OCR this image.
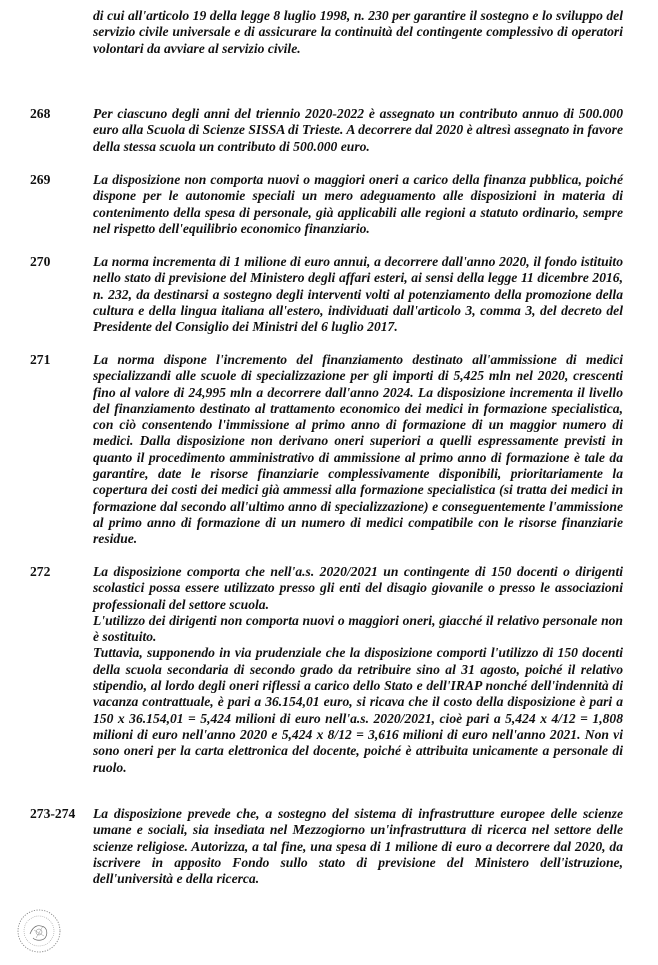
di cui all'articolo 19 della legge 8 luglio 1998, n. 230 per garantire il sostegno e lo sviluppo del servizio civile universale e di assicurare la continuità del contingente complessivo di operatori volontari da avviare al servizio civile.

268	Per ciascuno degli anni del triennio 2020-2022 è assegnato un contributo annuo di 500.000 euro alla Scuola di Scienze SISSA di Trieste. A decorrere dal 2020 è altresì assegnato in favore della stessa scuola un contributo di 500.000 euro.

269	La disposizione non comporta nuovi o maggiori oneri a carico della finanza pubblica, poiché dispone per le autonomie speciali un mero adeguamento alle disposizioni in materia di contenimento della spesa di personale, già applicabili alle regioni a statuto ordinario, sempre nel rispetto dell'equilibrio economico finanziario.

270	La norma incrementa di 1 milione di euro annui, a decorrere dall'anno 2020, il fondo istituito nello stato di previsione del Ministero degli affari esteri, ai sensi della legge 11 dicembre 2016, n. 232, da destinarsi a sostegno degli interventi volti al potenziamento della promozione della cultura e della lingua italiana all'estero, individuati dall'articolo 3, comma 3, del decreto del Presidente del Consiglio dei Ministri del 6 luglio 2017.

271	La norma dispone l'incremento del finanziamento destinato all'ammissione di medici specializzandi alle scuole di specializzazione per gli importi di 5,425 mln nel 2020, crescenti fino al valore di 24,995 mln a decorrere dall'anno 2024. La disposizione incrementa il livello del finanziamento destinato al trattamento economico dei medici in formazione specialistica, con ciò consentendo l'immissione al primo anno di formazione di un maggior numero di medici. Dalla disposizione non derivano oneri superiori a quelli espressamente previsti in quanto il procedimento amministrativo di ammissione al primo anno di formazione è tale da garantire, date le risorse finanziarie complessivamente disponibili, prioritariamente la copertura dei costi dei medici già ammessi alla formazione specialistica (si tratta dei medici in formazione dal secondo all'ultimo anno di specializzazione) e conseguentemente l'ammissione al primo anno di formazione di un numero di medici compatibile con le risorse finanziarie residue.

272	La disposizione comporta che nell'a.s. 2020/2021 un contingente di 150 docenti o dirigenti scolastici possa essere utilizzato presso gli enti del disagio giovanile o presso le associazioni professionali del settore scuola.

L'utilizzo dei dirigenti non comporta nuovi o maggiori oneri, giacché il relativo personale non è sostituito.

Tuttavia, supponendo in via prudenziale che la disposizione comporti l'utilizzo di 150 docenti della scuola secondaria di secondo grado da retribuire sino al 31 agosto, poiché il relativo stipendio, al lordo degli oneri riflessi a carico dello Stato e dell'IRAP nonché dell'indennità di vacanza contrattuale, è pari a 36.154,01 euro, si ricava che il costo della disposizione è pari a 150 x 36.154,01 = 5,424 milioni di euro nell'a.s. 2020/2021, cioè pari a 5,424 x 4/12 = 1,808 milioni di euro nell'anno 2020 e 5,424 x 8/12 = 3,616 milioni di euro nell'anno 2021. Non vi sono oneri per la carta elettronica del docente, poiché è attribuita unicamente a personale di ruolo.

273-274 La disposizione prevede che, a sostegno del sistema di infrastrutture europee delle scienze umane e sociali, sia insediata nel Mezzogiorno un'infrastruttura di ricerca nel settore delle scienze religiose. Autorizza, a tal fine, una spesa di 1 milione di euro a decorrere dal 2020, da iscrivere in apposito Fondo sullo stato di previsione del Ministero dell'istruzione, dell'università e della ricerca.
